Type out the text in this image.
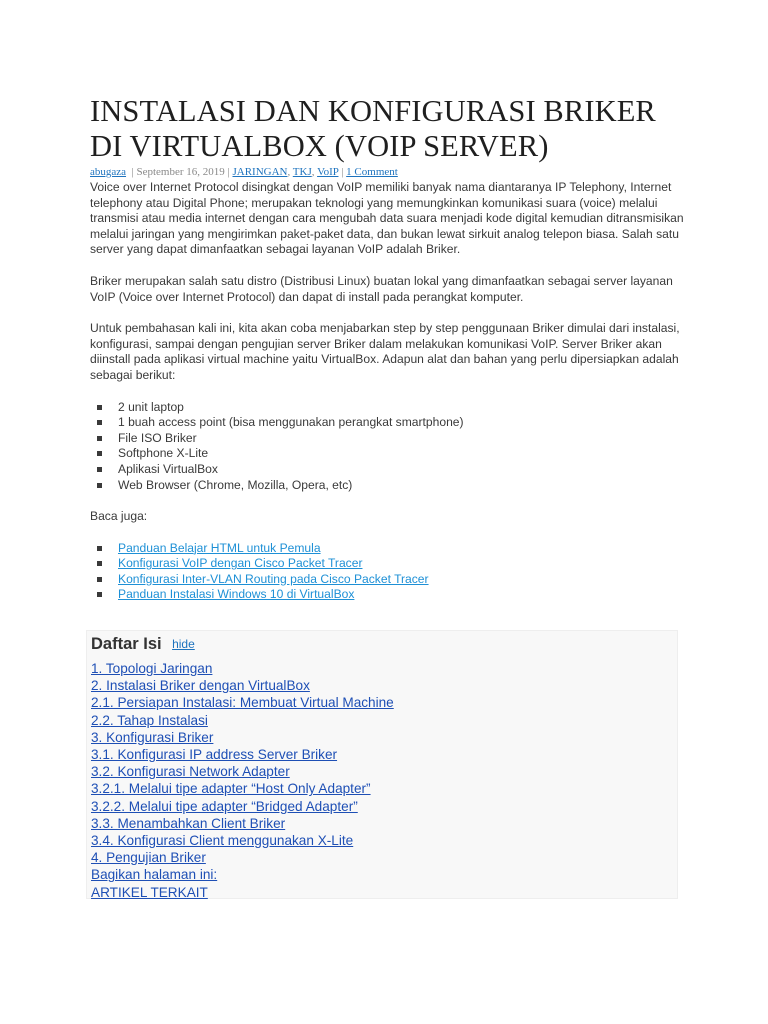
INSTALASI DAN KONFIGURASI BRIKER DI VIRTUALBOX (VOIP SERVER)
abugaza  | September 16, 2019 | JARINGAN, TKJ, VoIP | 1 Comment

Voice over Internet Protocol disingkat dengan VoIP memiliki banyak nama diantaranya IP Telephony, Internet telephony atau Digital Phone; merupakan teknologi yang memungkinkan komunikasi suara (voice) melalui transmisi atau media internet dengan cara mengubah data suara menjadi kode digital kemudian ditransmisikan melalui jaringan yang mengirimkan paket-paket data, dan bukan lewat sirkuit analog telepon biasa. Salah satu server yang dapat dimanfaatkan sebagai layanan VoIP adalah Briker.

Briker merupakan salah satu distro (Distribusi Linux) buatan lokal yang dimanfaatkan sebagai server layanan VoIP (Voice over Internet Protocol) dan dapat di install pada perangkat komputer.

Untuk pembahasan kali ini, kita akan coba menjabarkan step by step penggunaan Briker dimulai dari instalasi, konfigurasi, sampai dengan pengujian server Briker dalam melakukan komunikasi VoIP. Server Briker akan diinstall pada aplikasi virtual machine yaitu VirtualBox. Adapun alat dan bahan yang perlu dipersiapkan adalah sebagai berikut:

2 unit laptop
1 buah access point (bisa menggunakan perangkat smartphone)
File ISO Briker
Softphone X-Lite
Aplikasi VirtualBox
Web Browser (Chrome, Mozilla, Opera, etc)

Baca juga:

Panduan Belajar HTML untuk Pemula
Konfigurasi VoIP dengan Cisco Packet Tracer
Konfigurasi Inter-VLAN Routing pada Cisco Packet Tracer
Panduan Instalasi Windows 10 di VirtualBox
Daftar Isi hide
1. Topologi Jaringan
2. Instalasi Briker dengan VirtualBox
2.1. Persiapan Instalasi: Membuat Virtual Machine
2.2. Tahap Instalasi
3. Konfigurasi Briker
3.1. Konfigurasi IP address Server Briker
3.2. Konfigurasi Network Adapter
3.2.1. Melalui tipe adapter “Host Only Adapter”
3.2.2. Melalui tipe adapter “Bridged Adapter”
3.3. Menambahkan Client Briker
3.4. Konfigurasi Client menggunakan X-Lite
4. Pengujian Briker
Bagikan halaman ini:
ARTIKEL TERKAIT
